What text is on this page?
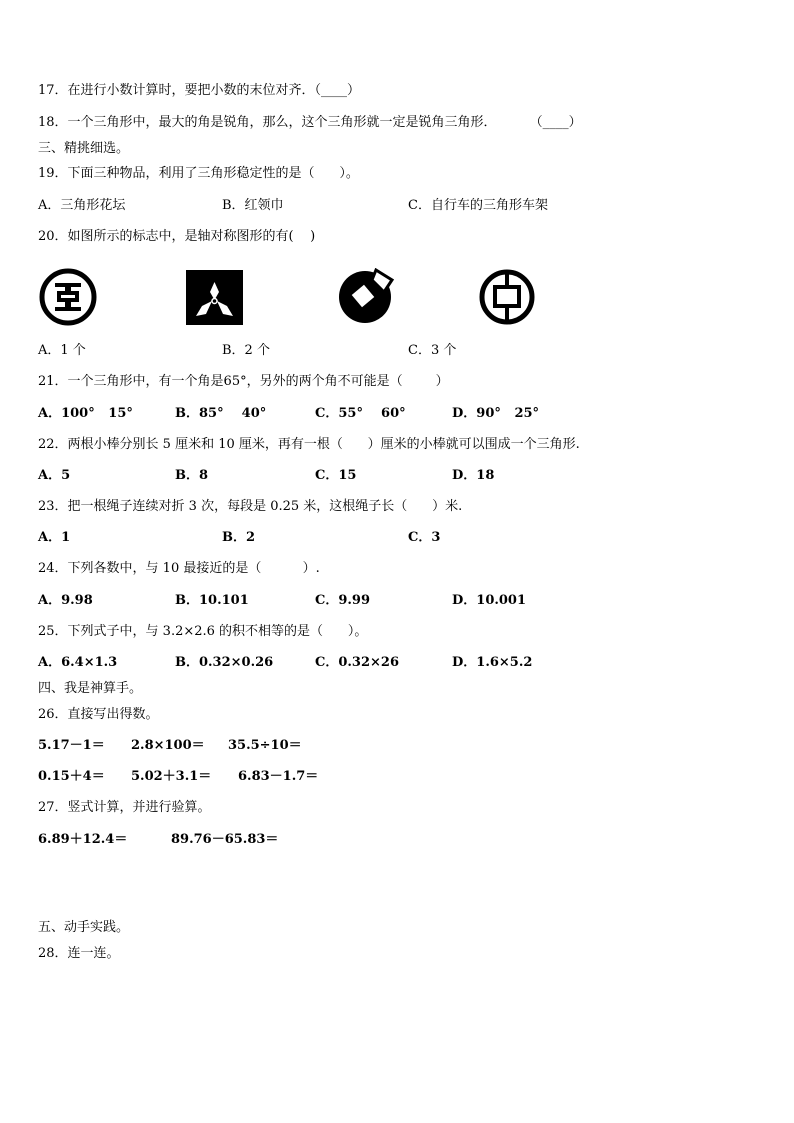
17．在进行小数计算时，要把小数的末位对齐．（____）
18．一个三角形中，最大的角是锐角，那么，这个三角形就一定是锐角三角形．        （____）
三、精挑细选。
19．下面三种物品，利用了三角形稳定性的是（      ）。
A．三角形花坛	B．红领巾	C．自行车的三角形车架
20．如图所示的标志中，是轴对称图形的有(    )
A．1 个	B．2 个	C．3 个
21．一个三角形中，有一个角是65°，另外的两个角不可能是（        ）
A．100°   15°	B．85°    40°	C．55°    60°	D．90°   25°
22．两根小棒分别长 5 厘米和 10 厘米，再有一根（      ）厘米的小棒就可以围成一个三角形.
A．5	B．8	C．15	D．18
23．把一根绳子连续对折 3 次，每段是 0.25 米，这根绳子长（      ）米.
A．1	B．2	C．3
24．下列各数中，与 10 最接近的是（          ）.
A．9.98	B．10.101	C．9.99	D．10.001
25．下列式子中，与 3.2×2.6 的积不相等的是（      ）。
A．6.4×1.3	B．0.32×0.26	C．0.32×26	D．1.6×5.2
四、我是神算手。
26．直接写出得数。
5.17－1＝ 2.8×100＝ 35.5÷10＝
0.15＋4＝ 5.02＋3.1＝ 6.83－1.7＝
27．竖式计算，并进行验算。
6.89＋12.4＝	89.76－65.83＝
五、动手实践。
28．连一连。
